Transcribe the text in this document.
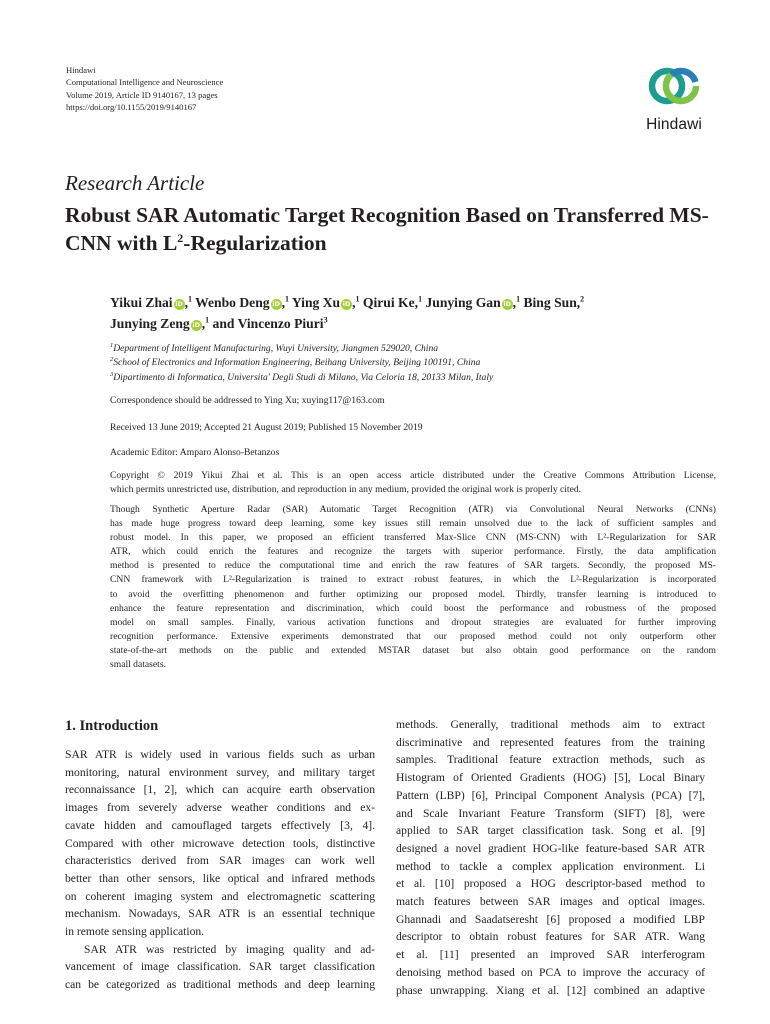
Hindawi
Computational Intelligence and Neuroscience
Volume 2019, Article ID 9140167, 13 pages
https://doi.org/10.1155/2019/9140167
Hindawi
Research Article
Robust SAR Automatic Target Recognition Based on Transferred MS-CNN with $L^2$-Regularization
Yikui Zhai iD ,$^1$ Wenbo Deng iD ,$^1$ Ying Xu iD ,$^1$ Qirui Ke,$^1$ Junying Gan iD ,$^1$ Bing Sun,$^2$
Junying Zeng iD ,$^1$ and Vincenzo Piuri$^3$
$^1$Department of Intelligent Manufacturing, Wuyi University, Jiangmen 529020, China
$^2$School of Electronics and Information Engineering, Beihang University, Beijing 100191, China
$^3$Dipartimento di Informatica, Universita' Degli Studi di Milano, Via Celoria 18, 20133 Milan, Italy
Correspondence should be addressed to Ying Xu; xuying117@163.com
Received 13 June 2019; Accepted 21 August 2019; Published 15 November 2019
Academic Editor: Amparo Alonso-Betanzos
Copyright © 2019 Yikui Zhai et al. This is an open access article distributed under the Creative Commons Attribution License,
which permits unrestricted use, distribution, and reproduction in any medium, provided the original work is properly cited.
Though Synthetic Aperture Radar (SAR) Automatic Target Recognition (ATR) via Convolutional Neural Networks (CNNs)
has made huge progress toward deep learning, some key issues still remain unsolved due to the lack of sufficient samples and
robust model. In this paper, we proposed an efficient transferred Max-Slice CNN (MS-CNN) with L²-Regularization for SAR
ATR, which could enrich the features and recognize the targets with superior performance. Firstly, the data amplification
method is presented to reduce the computational time and enrich the raw features of SAR targets. Secondly, the proposed MS-
CNN framework with L²-Regularization is trained to extract robust features, in which the L²-Regularization is incorporated
to avoid the overfitting phenomenon and further optimizing our proposed model. Thirdly, transfer learning is introduced to
enhance the feature representation and discrimination, which could boost the performance and robustness of the proposed
model on small samples. Finally, various activation functions and dropout strategies are evaluated for further improving
recognition performance. Extensive experiments demonstrated that our proposed method could not only outperform other
state-of-the-art methods on the public and extended MSTAR dataset but also obtain good performance on the random
small datasets.
1. Introduction
SAR ATR is widely used in various fields such as urban
monitoring, natural environment survey, and military target
reconnaissance [1, 2], which can acquire earth observation
images from severely adverse weather conditions and ex-
cavate hidden and camouflaged targets effectively [3, 4].
Compared with other microwave detection tools, distinctive
characteristics derived from SAR images can work well
better than other sensors, like optical and infrared methods
on coherent imaging system and electromagnetic scattering
mechanism. Nowadays, SAR ATR is an essential technique
in remote sensing application.
SAR ATR was restricted by imaging quality and ad-
vancement of image classification. SAR target classification
can be categorized as traditional methods and deep learning
methods. Generally, traditional methods aim to extract
discriminative and represented features from the training
samples. Traditional feature extraction methods, such as
Histogram of Oriented Gradients (HOG) [5], Local Binary
Pattern (LBP) [6], Principal Component Analysis (PCA) [7],
and Scale Invariant Feature Transform (SIFT) [8], were
applied to SAR target classification task. Song et al. [9]
designed a novel gradient HOG-like feature-based SAR ATR
method to tackle a complex application environment. Li
et al. [10] proposed a HOG descriptor-based method to
match features between SAR images and optical images.
Ghannadi and Saadatseresht [6] proposed a modified LBP
descriptor to obtain robust features for SAR ATR. Wang
et al. [11] presented an improved SAR interferogram
denoising method based on PCA to improve the accuracy of
phase unwrapping. Xiang et al. [12] combined an adaptive
